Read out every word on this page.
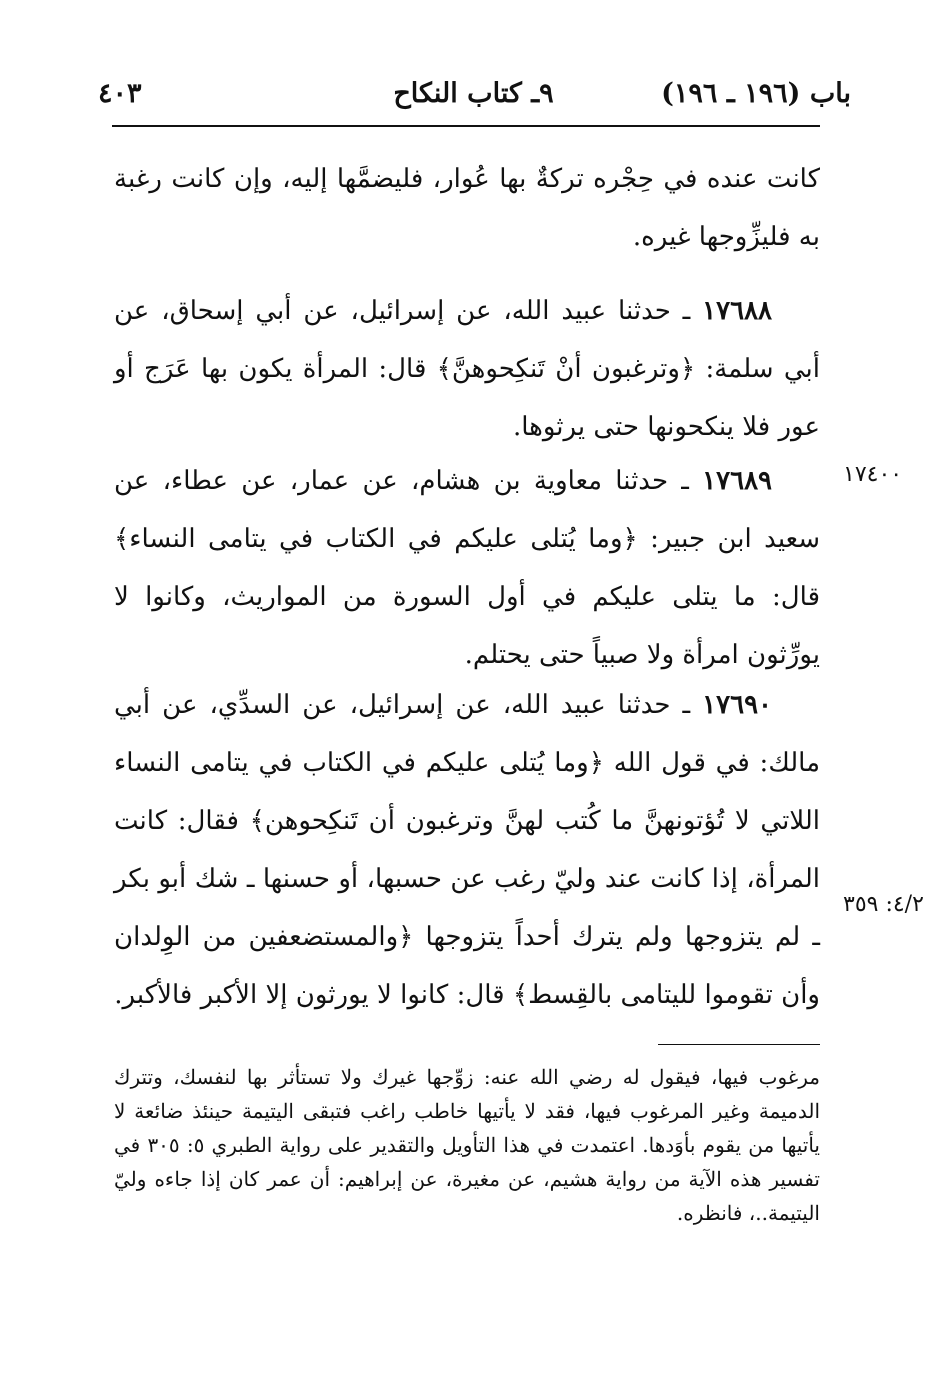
باب (١٩٦ ـ ١٩٦)
٩ـ كتاب النكاح
٤٠٣

كانت عنده في حِجْره تركةٌ بها عُوار، فليضمَّها إليه، وإن كانت رغبة به فليزِّوجها غيره.

١٧٦٨٨ ـ حدثنا عبيد الله، عن إسرائيل، عن أبي إسحاق، عن أبي سلمة: ﴿وترغبون أنْ تَنكِحوهنَّ﴾ قال: المرأة يكون بها عَرَج أو عور فلا ينكحونها حتى يرثوها.

١٧٤٠٠

١٧٦٨٩ ـ حدثنا معاوية بن هشام، عن عمار، عن عطاء، عن سعيد ابن جبير: ﴿وما يُتلى عليكم في الكتاب في يتامى النساء﴾ قال: ما يتلى عليكم في أول السورة من المواريث، وكانوا لا يورِّثون امرأة ولا صبياً حتى يحتلم.

١٧٦٩٠ ـ حدثنا عبيد الله، عن إسرائيل، عن السدِّي، عن أبي مالك: في قول الله ﴿وما يُتلى عليكم في الكتاب في يتامى النساء اللاتي لا تُؤتونهنَّ ما كُتب لهنَّ وترغبون أن تَنكِحوهن﴾ فقال: كانت المرأة، إذا كانت عند وليّ رغب عن حسبها، أو حسنها ـ شك أبو بكر ـ لم يتزوجها ولم يترك أحداً يتزوجها ﴿والمستضعفين من الوِلدان وأن تقوموا لليتامى بالقِسط﴾ قال: كانوا لا يورثون إلا الأكبر فالأكبر.

٤/٢: ٣٥٩
مرغوب فيها، فيقول له رضي الله عنه: زوِّجها غيرك ولا تستأثر بها لنفسك، وتترك الدميمة وغير المرغوب فيها، فقد لا يأتيها خاطب راغب فتبقى اليتيمة حينئذ ضائعة لا يأتيها من يقوم بأوَدها. اعتمدت في هذا التأويل والتقدير على رواية الطبري ٥: ٣٠٥ في تفسير هذه الآية من رواية هشيم، عن مغيرة، عن إبراهيم: أن عمر كان إذا جاءه وليّ اليتيمة..، فانظره.
